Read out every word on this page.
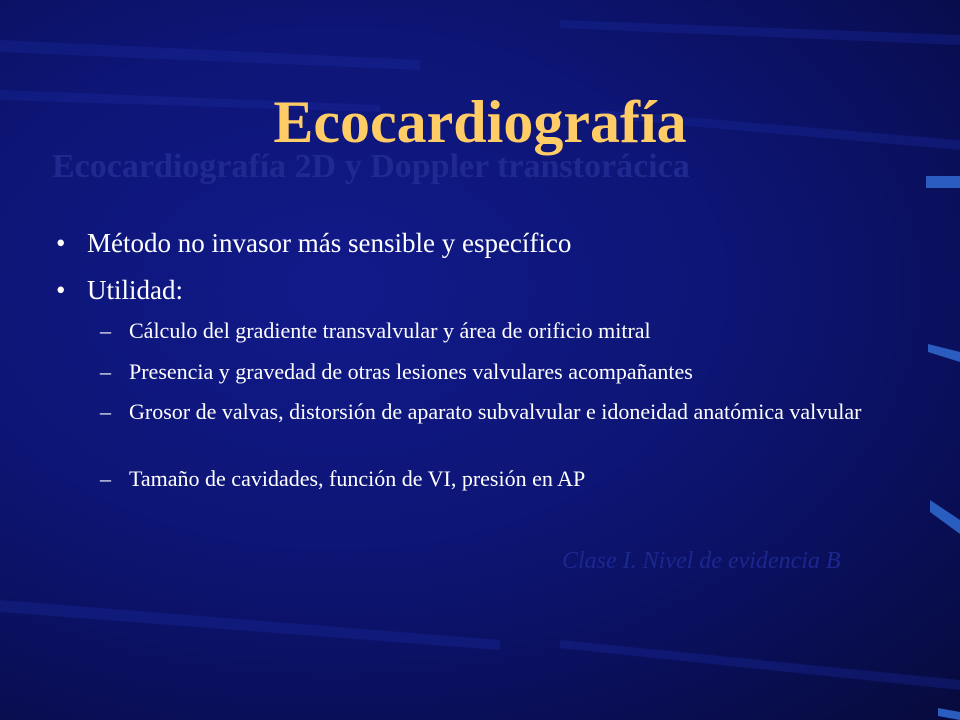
Ecocardiografía
Ecocardiografía 2D y Doppler transtorácica
• Método no invasor más sensible y específico
• Utilidad:
– Cálculo del gradiente transvalvular y área de orificio mitral
– Presencia y gravedad de otras lesiones valvulares acompañantes
– Grosor de valvas, distorsión de aparato subvalvular e idoneidad anatómica valvular
– Tamaño de cavidades, función de VI, presión en AP

Clase I. Nivel de evidencia B
